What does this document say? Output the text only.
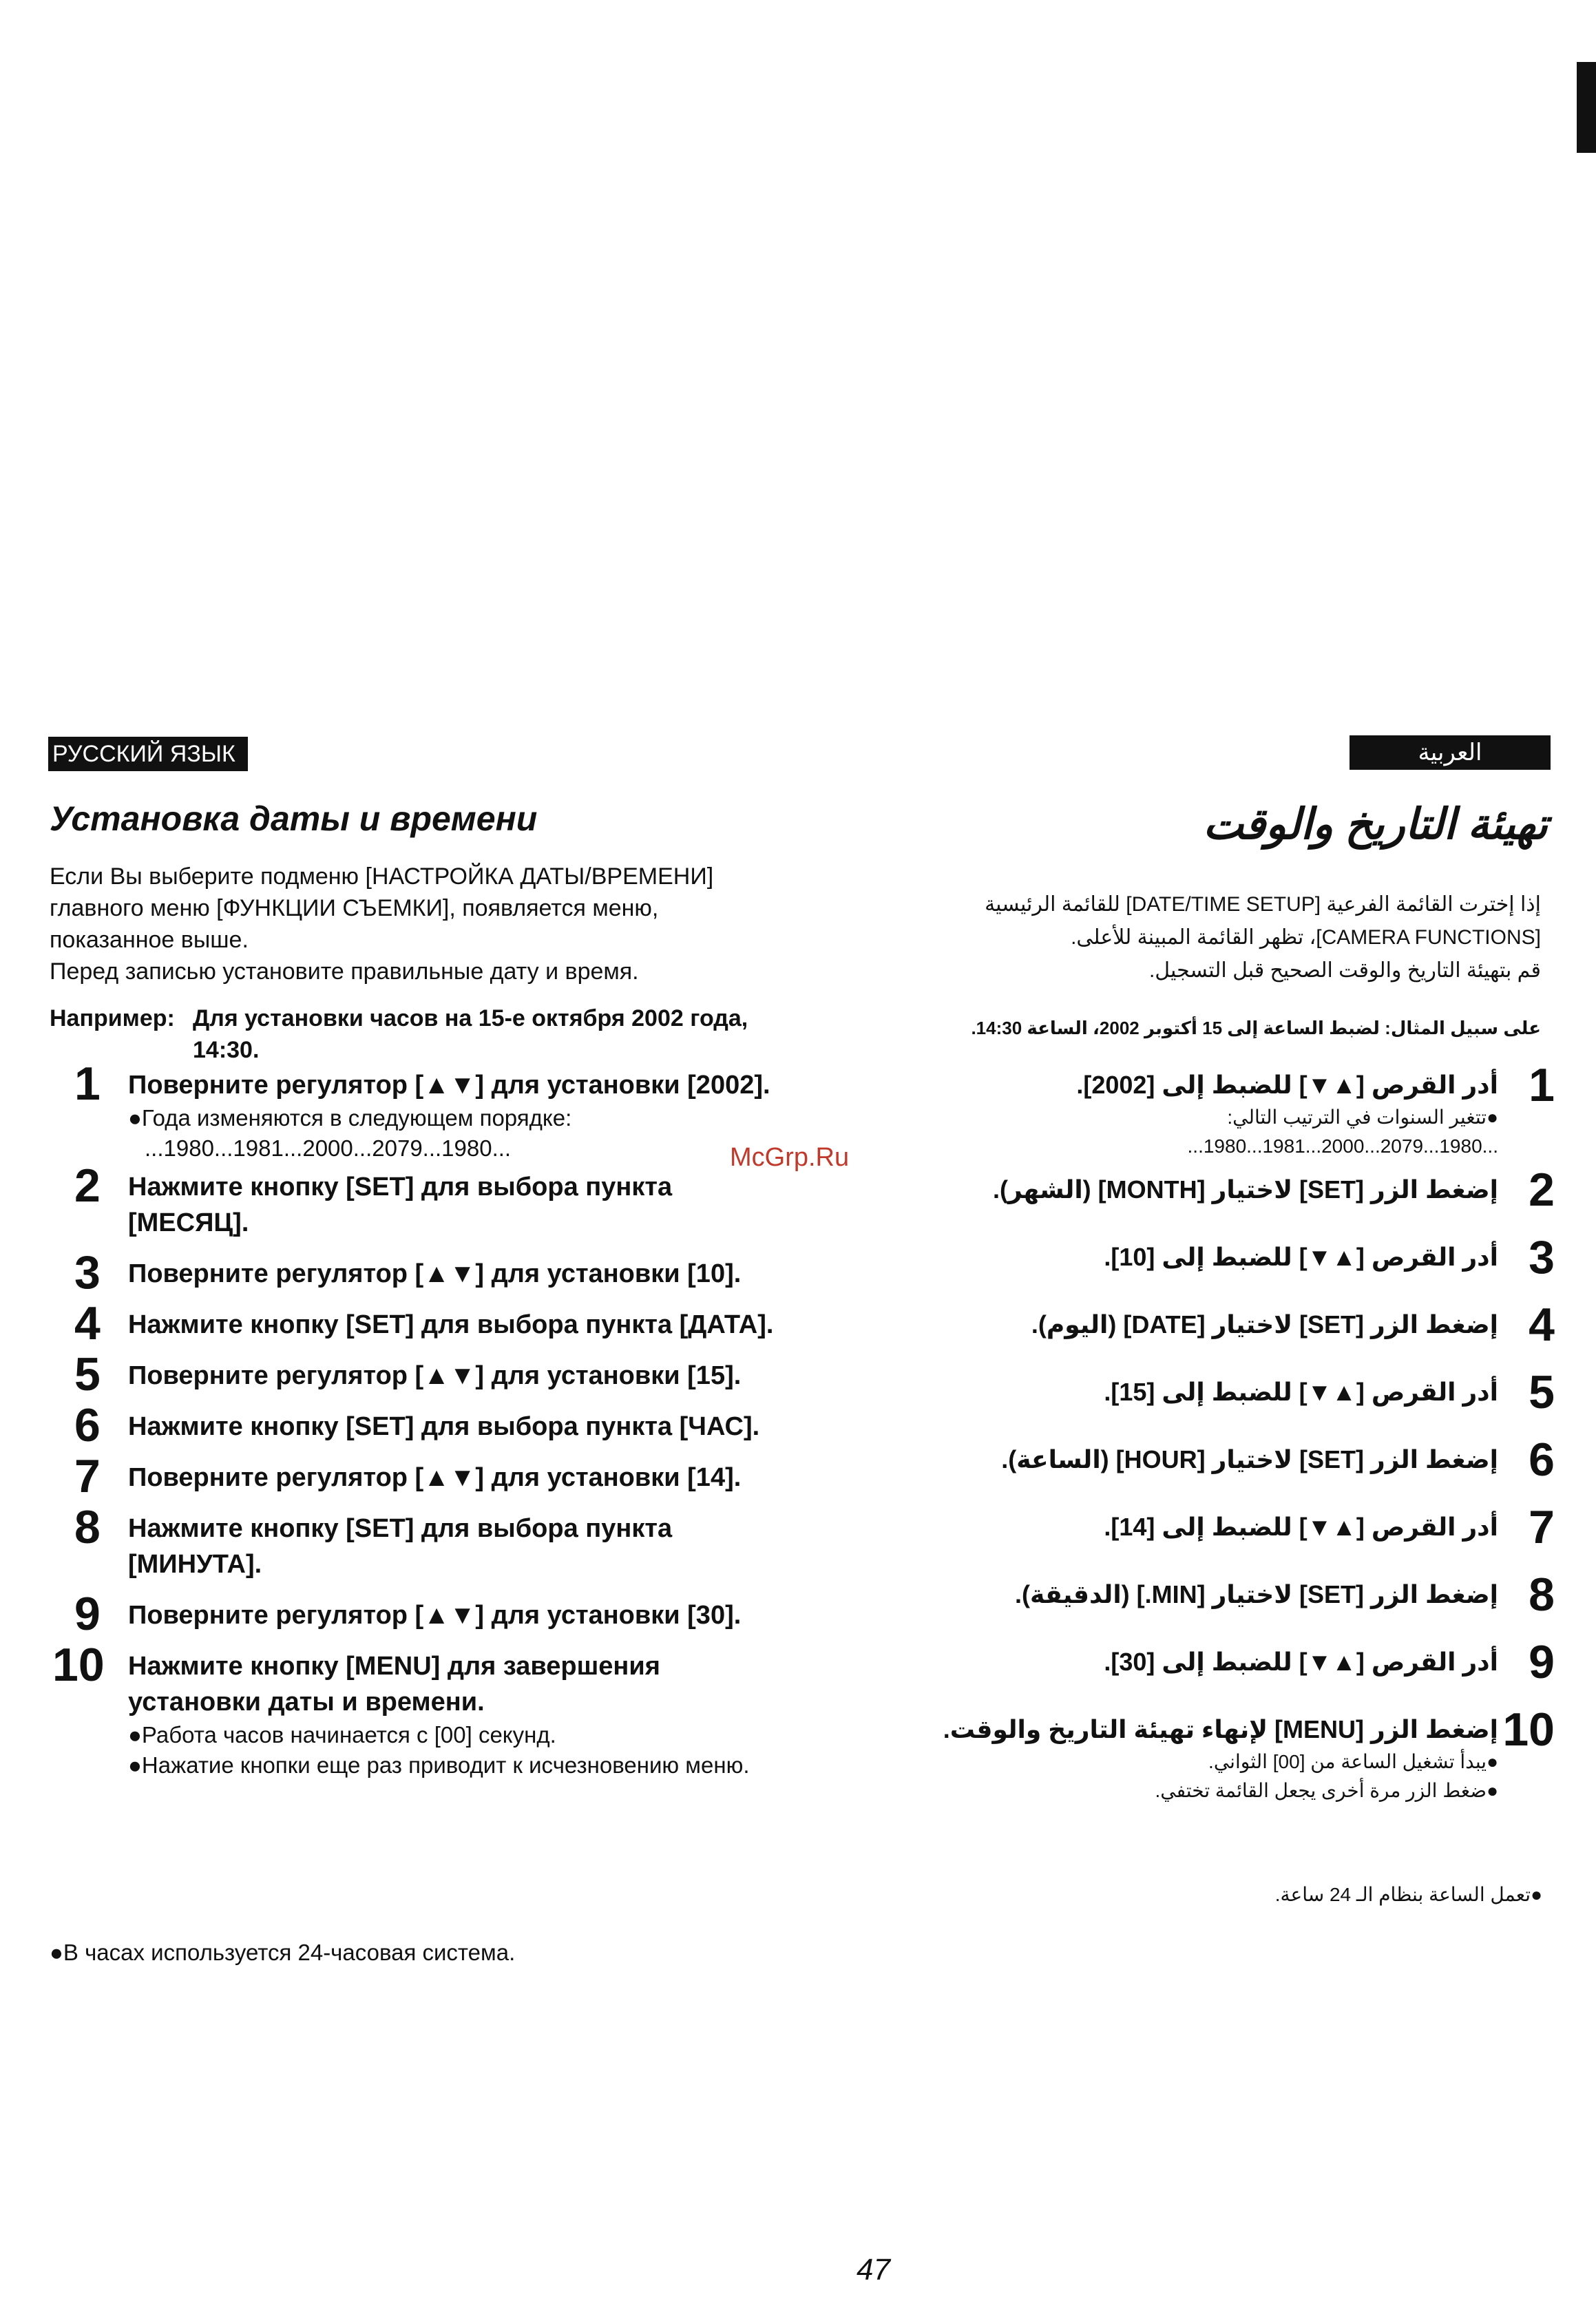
РУССКИЙ ЯЗЫК	العربية
Установка даты и времени	تهيئة التاريخ والوقت
Если Вы выберите подменю [НАСТРОЙКА ДАТЫ/ВРЕМЕНИ]
главного меню [ФУНКЦИИ СЪЕМКИ], появляется меню,
показанное выше.
Перед записью установите правильные дату и время.
إذا إخترت القائمة الفرعية [DATE/TIME SETUP] للقائمة الرئيسية
[CAMERA FUNCTIONS]، تظهر القائمة المبينة للأعلى.
قم بتهيئة التاريخ والوقت الصحيح قبل التسجيل.
Например: Для установки часов на 15-е октября 2002 года,
14:30.
على سبيل المثال: لضبط الساعة إلى 15 أكتوبر 2002، الساعة 14:30.
1 Поверните регулятор [▲▼] для установки [2002].
●Года изменяются в следующем порядке:
...1980...1981...2000...2079...1980...
2 Нажмите кнопку [SET] для выбора пункта [МЕСЯЦ].
3 Поверните регулятор [▲▼] для установки [10].
4 Нажмите кнопку [SET] для выбора пункта [ДАТА].
5 Поверните регулятор [▲▼] для установки [15].
6 Нажмите кнопку [SET] для выбора пункта [ЧАС].
7 Поверните регулятор [▲▼] для установки [14].
8 Нажмите кнопку [SET] для выбора пункта [МИНУТА].
9 Поверните регулятор [▲▼] для установки [30].
10 Нажмите кнопку [MENU] для завершения установки даты и времени.
●Работа часов начинается с [00] секунд.
●Нажатие кнопки еще раз приводит к исчезновению меню.
●В часах используется 24-часовая система.
1
أدر القرص [▲▼] للضبط إلى [2002].
●تتغير السنوات في الترتيب التالي:
...1980...1981...2000...2079...1980...
2
إضغط الزر [SET] لاختيار [MONTH] (الشهر).
3
أدر القرص [▲▼] للضبط إلى [10].
4
إضغط الزر [SET] لاختيار [DATE] (اليوم).
5
أدر القرص [▲▼] للضبط إلى [15].
6
إضغط الزر [SET] لاختيار [HOUR] (الساعة).
7
أدر القرص [▲▼] للضبط إلى [14].
8
إضغط الزر [SET] لاختيار [MIN.] (الدقيقة).
9
أدر القرص [▲▼] للضبط إلى [30].
10
إضغط الزر [MENU] لإنهاء تهيئة التاريخ والوقت.
●يبدأ تشغيل الساعة من [00] الثواني.
●ضغط الزر مرة أخرى يجعل القائمة تختفي.
●تعمل الساعة بنظام الـ 24 ساعة.
McGrp.Ru
47
